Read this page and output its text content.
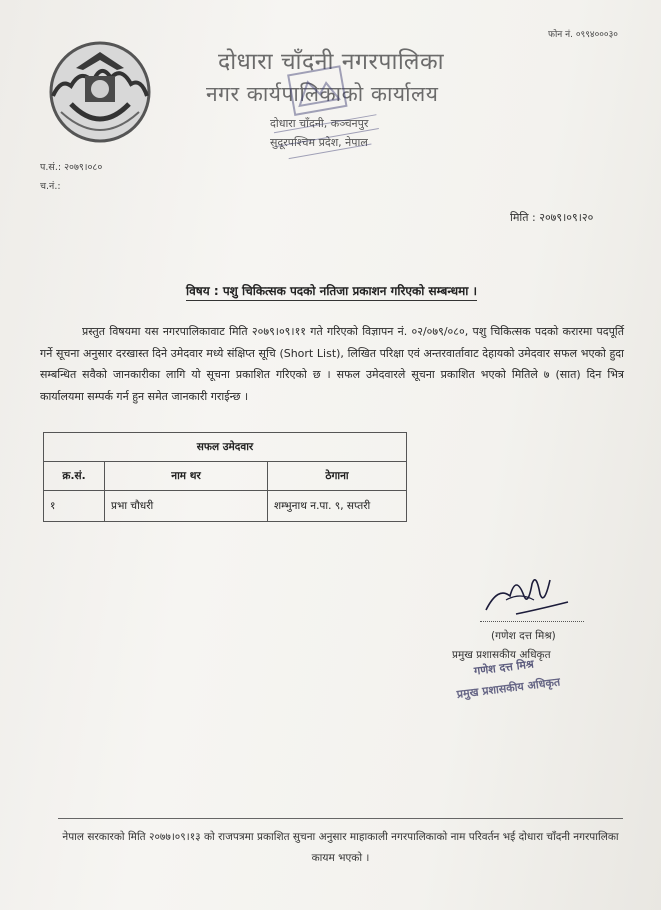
फोन नं. ०९९४०००३०
दोधारा चाँदनी नगरपालिका
नगर कार्यपालिकाको कार्यालय
दोधारा चाँदनी, कञ्चनपुर
सुदूरपश्चिम प्रदेश, नेपाल
प.सं.: २०७९।०८०
च.नं.:
मिति : २०७९।०९।२०
विषय : पशु चिकित्सक पदको नतिजा प्रकाशन गरिएको सम्बन्धमा ।
प्रस्तुत विषयमा यस नगरपालिकावाट मिति २०७९।०९।११ गते गरिएको विज्ञापन नं. ०२/०७९/०८०, पशु चिकित्सक पदको करारमा पदपूर्ति गर्ने सूचना अनुसार दरखास्त दिने उमेदवार मध्ये संक्षिप्त सूचि (Short List), लिखित परिक्षा एवं अन्तरवार्तावाट देहायको उमेदवार सफल भएको हुदा सम्बन्धित सवैको जानकारीका लागि यो सूचना प्रकाशित गरिएको छ । सफल उमेदवारले सूचना प्रकाशित भएको मितिले ७ (सात) दिन भित्र कार्यालयमा सम्पर्क गर्न हुन समेत जानकारी गराईन्छ ।
सफल उमेदवार		
क्र.सं.	नाम थर	ठेगाना
१	प्रभा चौधरी	शम्भुनाथ न.पा. ९, सप्तरी
(गणेश दत्त मिश्र)
प्रमुख प्रशासकीय अधिकृत
गणेश दत्त मिश्र
प्रमुख प्रशासकीय अधिकृत
नेपाल सरकारको मिति २०७७।०९।१३ को राजपत्रमा प्रकाशित सुचना अनुसार माहाकाली नगरपालिकाको नाम परिवर्तन भई दोधारा चाँदनी नगरपालिका कायम भएको ।
